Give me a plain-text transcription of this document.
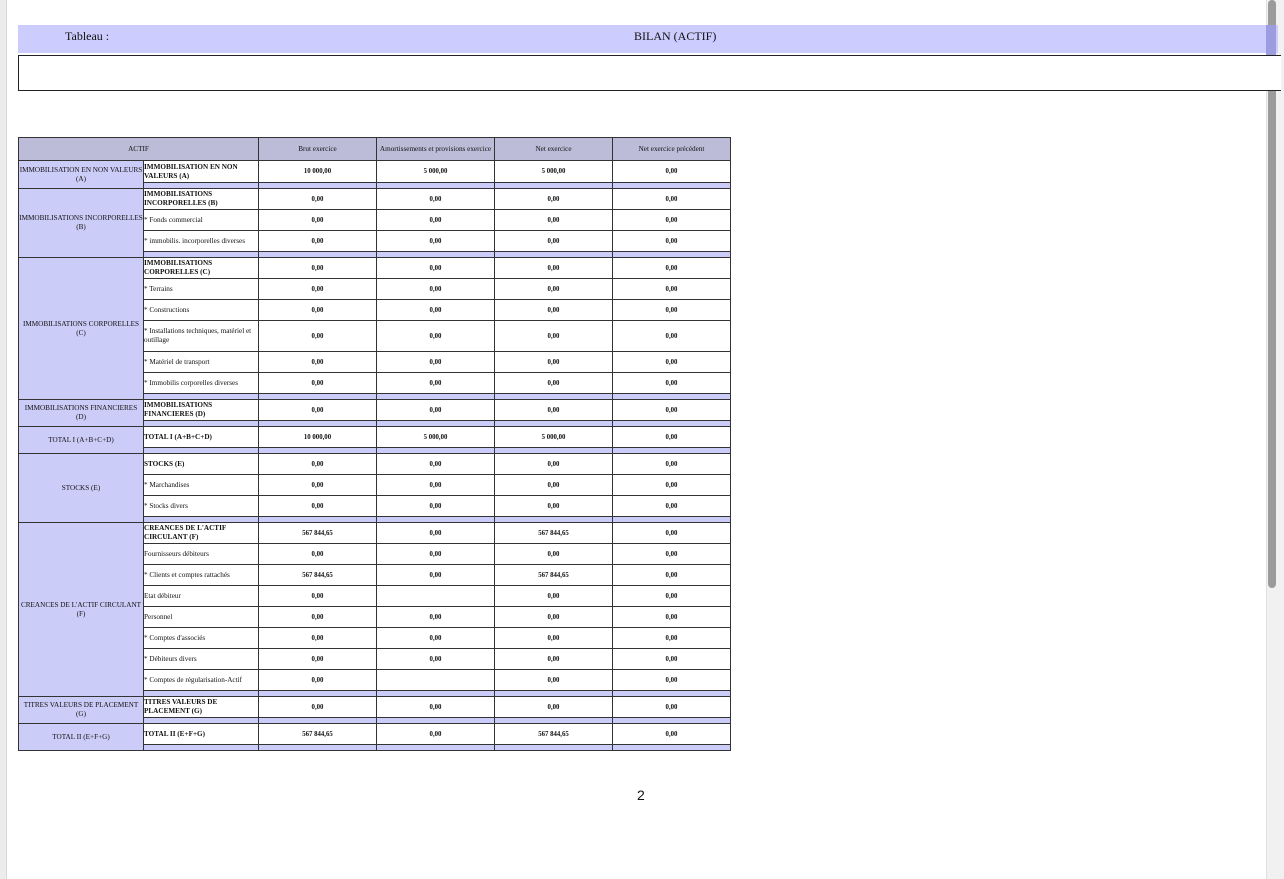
Tableau :	BILAN (ACTIF)
ACTIF		Brut exercice	Amortissements et provisions exercice	Net exercice	Net exercice précédent
IMMOBILISATION EN NON VALEURS (A)	IMMOBILISATION EN NON VALEURS (A)	10 000,00	5 000,00	5 000,00	0,00

IMMOBILISATIONS INCORPORELLES (B)	IMMOBILISATIONS INCORPORELLES (B)	0,00	0,00	0,00	0,00
	* Fonds commercial	0,00	0,00	0,00	0,00
	* immobilis. incorporelles diverses	0,00	0,00	0,00	0,00

IMMOBILISATIONS CORPORELLES (C)	IMMOBILISATIONS CORPORELLES (C)	0,00	0,00	0,00	0,00
	* Terrains	0,00	0,00	0,00	0,00
	* Constructions	0,00	0,00	0,00	0,00
	* Installations techniques, matériel et outillage	0,00	0,00	0,00	0,00
	* Matériel de transport	0,00	0,00	0,00	0,00
	* Immobilis corporelles diverses	0,00	0,00	0,00	0,00

IMMOBILISATIONS FINANCIERES (D)	IMMOBILISATIONS FINANCIERES (D)	0,00	0,00	0,00	0,00

TOTAL I (A+B+C+D)	TOTAL I (A+B+C+D)	10 000,00	5 000,00	5 000,00	0,00

STOCKS (E)	STOCKS (E)	0,00	0,00	0,00	0,00
	* Marchandises	0,00	0,00	0,00	0,00
	* Stocks divers	0,00	0,00	0,00	0,00

CREANCES DE L'ACTIF CIRCULANT (F)	CREANCES DE L'ACTIF CIRCULANT (F)	567 844,65	0,00	567 844,65	0,00
	Fournisseurs débiteurs	0,00	0,00	0,00	0,00
	* Clients et comptes rattachés	567 844,65	0,00	567 844,65	0,00
	Etat débiteur	0,00		0,00	0,00
	Personnel	0,00	0,00	0,00	0,00
	* Comptes d'associés	0,00	0,00	0,00	0,00
	* Débiteurs divers	0,00	0,00	0,00	0,00
	* Comptes de régularisation-Actif	0,00		0,00	0,00

TITRES VALEURS DE PLACEMENT (G)	TITRES VALEURS DE PLACEMENT (G)	0,00	0,00	0,00	0,00

TOTAL II (E+F+G)	TOTAL II (E+F+G)	567 844,65	0,00	567 844,65	0,00

2
